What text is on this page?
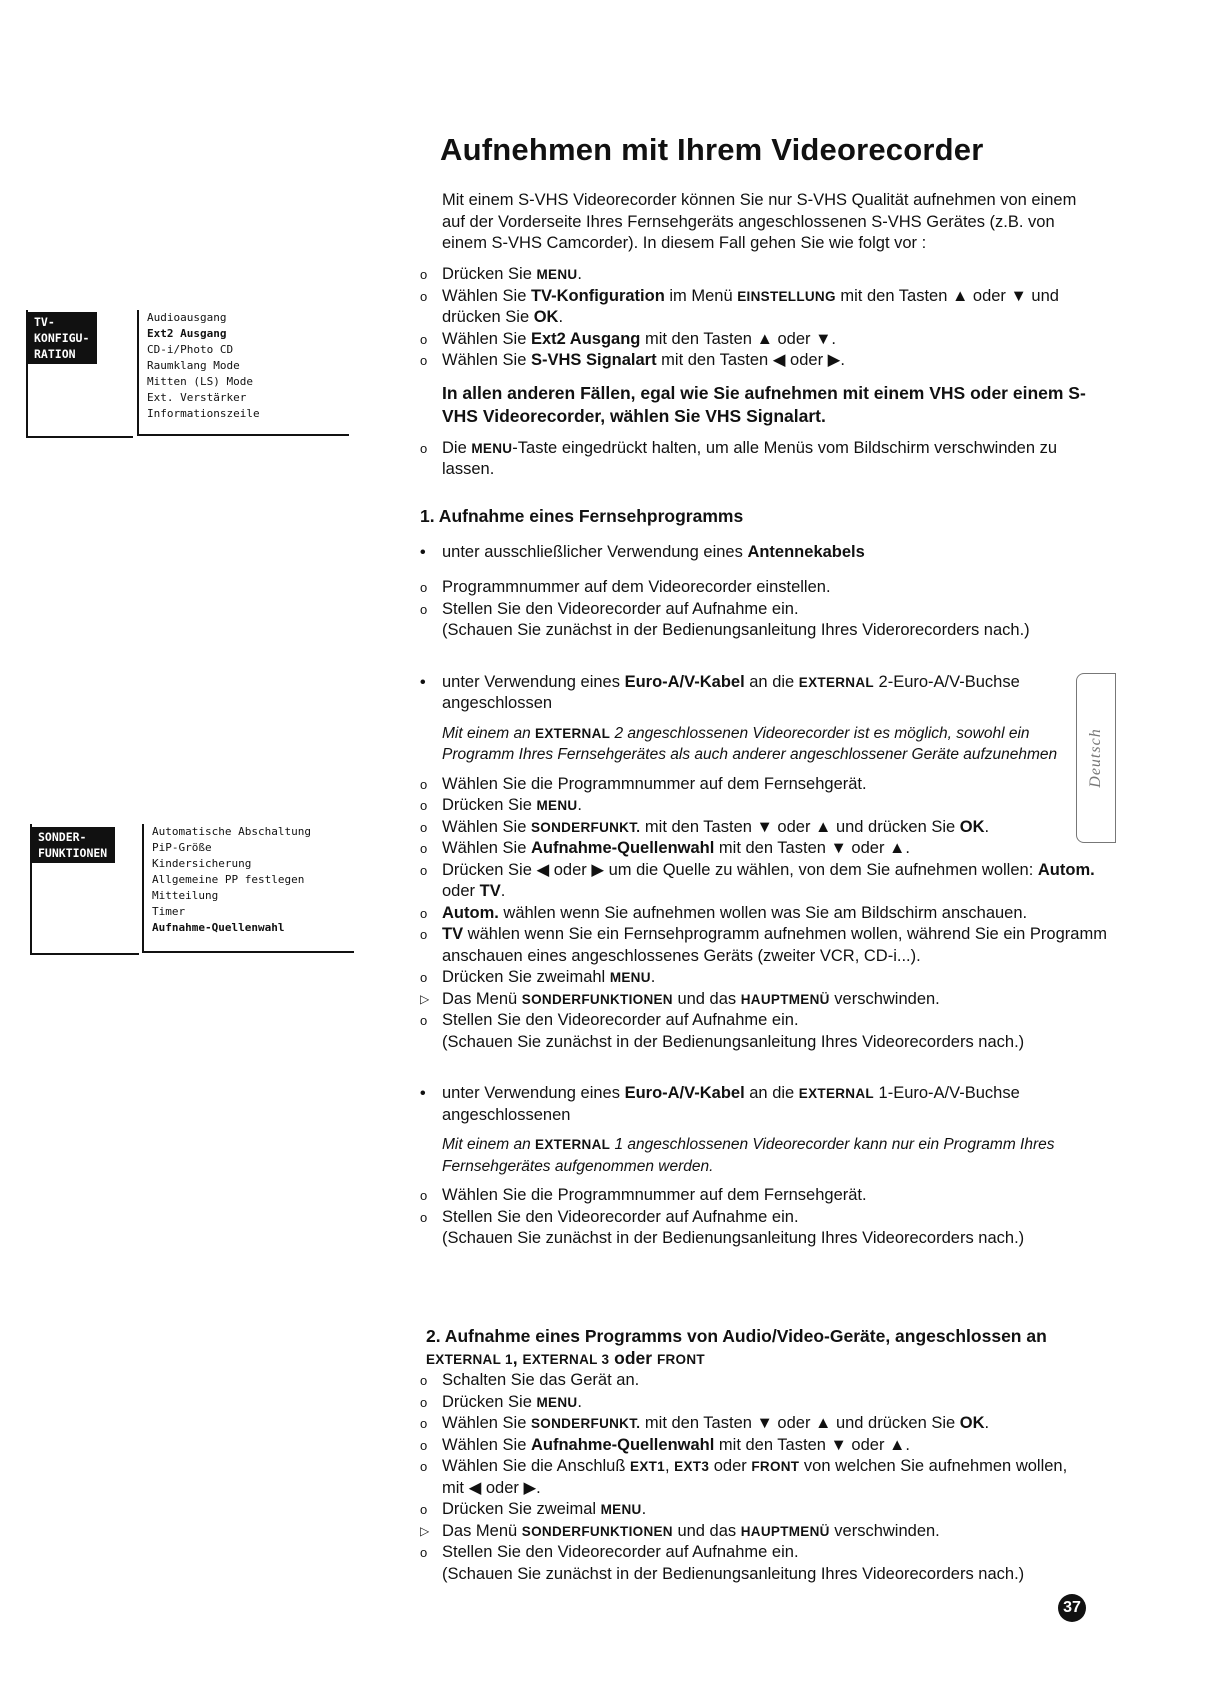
Aufnehmen mit Ihrem Videorecorder
Mit einem S-VHS Videorecorder können Sie nur S-VHS Qualität aufnehmen von einem auf der Vorderseite Ihres Fernsehgeräts angeschlossenen S-VHS Gerätes (z.B. von einem S-VHS Camcorder). In diesem Fall gehen Sie wie folgt vor :
o Drücken Sie MENU.
o Wählen Sie TV-Konfiguration im Menü EINSTELLUNG mit den Tasten ▲ oder ▼ und drücken Sie OK.
o Wählen Sie Ext2 Ausgang mit den Tasten ▲ oder ▼.
o Wählen Sie S-VHS Signalart mit den Tasten ◀ oder ▶.
In allen anderen Fällen, egal wie Sie aufnehmen mit einem VHS oder einem S-VHS Videorecorder, wählen Sie VHS Signalart.
o Die MENU-Taste eingedrückt halten, um alle Menüs vom Bildschirm verschwinden zu lassen.
1. Aufnahme eines Fernsehprogramms
• unter ausschließlicher Verwendung eines Antennekabels
o Programmnummer auf dem Videorecorder einstellen.
o Stellen Sie den Videorecorder auf Aufnahme ein.
(Schauen Sie zunächst in der Bedienungsanleitung Ihres Viderorecorders nach.)
• unter Verwendung eines Euro-A/V-Kabel an die EXTERNAL 2-Euro-A/V-Buchse angeschlossen
Mit einem an EXTERNAL 2 angeschlossenen Videorecorder ist es möglich, sowohl ein Programm Ihres Fernsehgerätes als auch anderer angeschlossener Geräte aufzunehmen
o Wählen Sie die Programmnummer auf dem Fernsehgerät.
o Drücken Sie MENU.
o Wählen Sie SONDERFUNKT. mit den Tasten ▼ oder ▲ und drücken Sie OK.
o Wählen Sie Aufnahme-Quellenwahl mit den Tasten ▼ oder ▲.
o Drücken Sie ◀ oder ▶ um die Quelle zu wählen, von dem Sie aufnehmen wollen: Autom. oder TV.
o Autom. wählen wenn Sie aufnehmen wollen was Sie am Bildschirm anschauen.
o TV wählen wenn Sie ein Fernsehprogramm aufnehmen wollen, während Sie ein Programm anschauen eines angeschlossenes Geräts (zweiter VCR, CD-i...).
o Drücken Sie zweimahl MENU.
▷ Das Menü SONDERFUNKTIONEN und das HAUPTMENÜ verschwinden.
o Stellen Sie den Videorecorder auf Aufnahme ein.
(Schauen Sie zunächst in der Bedienungsanleitung Ihres Videorecorders nach.)
• unter Verwendung eines Euro-A/V-Kabel an die EXTERNAL 1-Euro-A/V-Buchse angeschlossenen
Mit einem an EXTERNAL 1 angeschlossenen Videorecorder kann nur ein Programm Ihres Fernsehgerätes aufgenommen werden.
o Wählen Sie die Programmnummer auf dem Fernsehgerät.
o Stellen Sie den Videorecorder auf Aufnahme ein.
(Schauen Sie zunächst in der Bedienungsanleitung Ihres Videorecorders nach.)
2. Aufnahme eines Programms von Audio/Video-Geräte, angeschlossen an EXTERNAL 1, EXTERNAL 3 oder FRONT
o Schalten Sie das Gerät an.
o Drücken Sie MENU.
o Wählen Sie SONDERFUNKT. mit den Tasten ▼ oder ▲ und drücken Sie OK.
o Wählen Sie Aufnahme-Quellenwahl mit den Tasten ▼ oder ▲.
o Wählen Sie die Anschluß EXT1, EXT3 oder FRONT von welchen Sie aufnehmen wollen, mit ◀ oder ▶.
o Drücken Sie zweimal MENU.
▷ Das Menü SONDERFUNKTIONEN und das HAUPTMENÜ verschwinden.
o Stellen Sie den Videorecorder auf Aufnahme ein.
(Schauen Sie zunächst in der Bedienungsanleitung Ihres Videorecorders nach.)
TV-KONFIGU-
RATION
Audioausgang
Ext2 Ausgang
CD-i/Photo CD
Raumklang Mode
Mitten (LS) Mode
Ext. Verstärker
Informationszeile
SONDER-
FUNKTIONEN
Automatische Abschaltung
PiP-Größe
Kindersicherung
Allgemeine PP festlegen
Mitteilung
Timer
Aufnahme-Quellenwahl
Deutsch
37
